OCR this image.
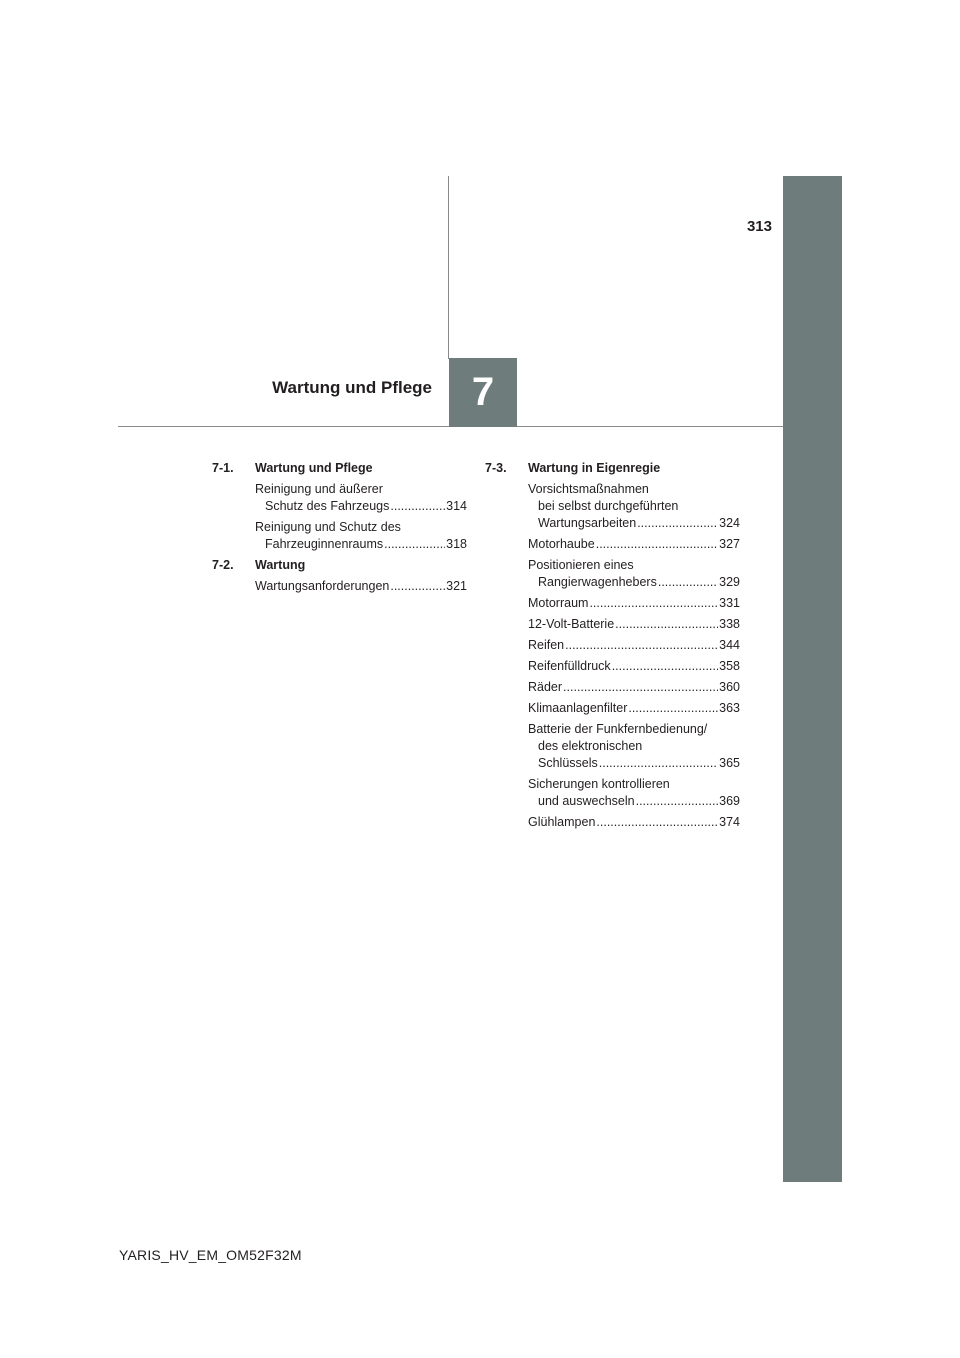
313
Wartung und Pflege 7
7-1.	Wartung und Pflege
Reinigung und äußerer
Schutz des Fahrzeugs .....	314
Reinigung und Schutz des
Fahrzeuginnenraums .....	318
7-2.	Wartung
Wartungsanforderungen .....	321
7-3.	Wartung in Eigenregie
Vorsichtsmaßnahmen
bei selbst durchgeführten
Wartungsarbeiten .....	324
Motorhaube .....	327
Positionieren eines
Rangierwagenhebers .....	329
Motorraum .....	331
12-Volt-Batterie .....	338
Reifen .....	344
Reifenfülldruck .....	358
Räder .....	360
Klimaanlagenfilter .....	363
Batterie der Funkfernbedienung/
des elektronischen
Schlüssels .....	365
Sicherungen kontrollieren
und auswechseln .....	369
Glühlampen .....	374
YARIS_HV_EM_OM52F32M
